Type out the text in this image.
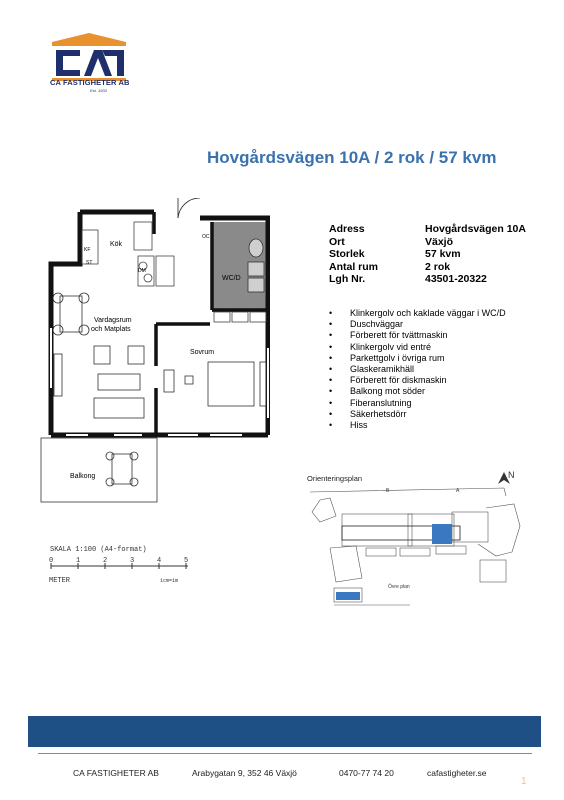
CA FASTIGHETER AB
Est. 1933
Hovgårdsvägen 10A / 2 rok / 57 kvm
Adress	Hovgårdsvägen 10A
Ort	Växjö
Storlek	57 kvm
Antal rum	2 rok
Lgh Nr.	43501-20322
• Klinkergolv och kaklade väggar i WC/D
• Duschväggar
• Förberett för tvättmaskin
• Klinkergolv vid entré
• Parkettgolv i övriga rum
• Glaskeramikhäll
• Förberett för diskmaskin
• Balkong mot söder
• Fiberanslutning
• Säkerhetsdörr
• Hiss
Kök
KF
ST
DM
OC
Vardagsrum
och Matplats
Sovrum
WC/D
Balkong
SKALA 1:100 (A4-format)
0	1	2	3	4	5
METER	1cm=1m
Orienteringsplan	N
A
B
Övre plan
CA FASTIGHETER AB	Arabygatan 9, 352 46 Växjö	0470-77 74 20	cafastigheter.se
1
